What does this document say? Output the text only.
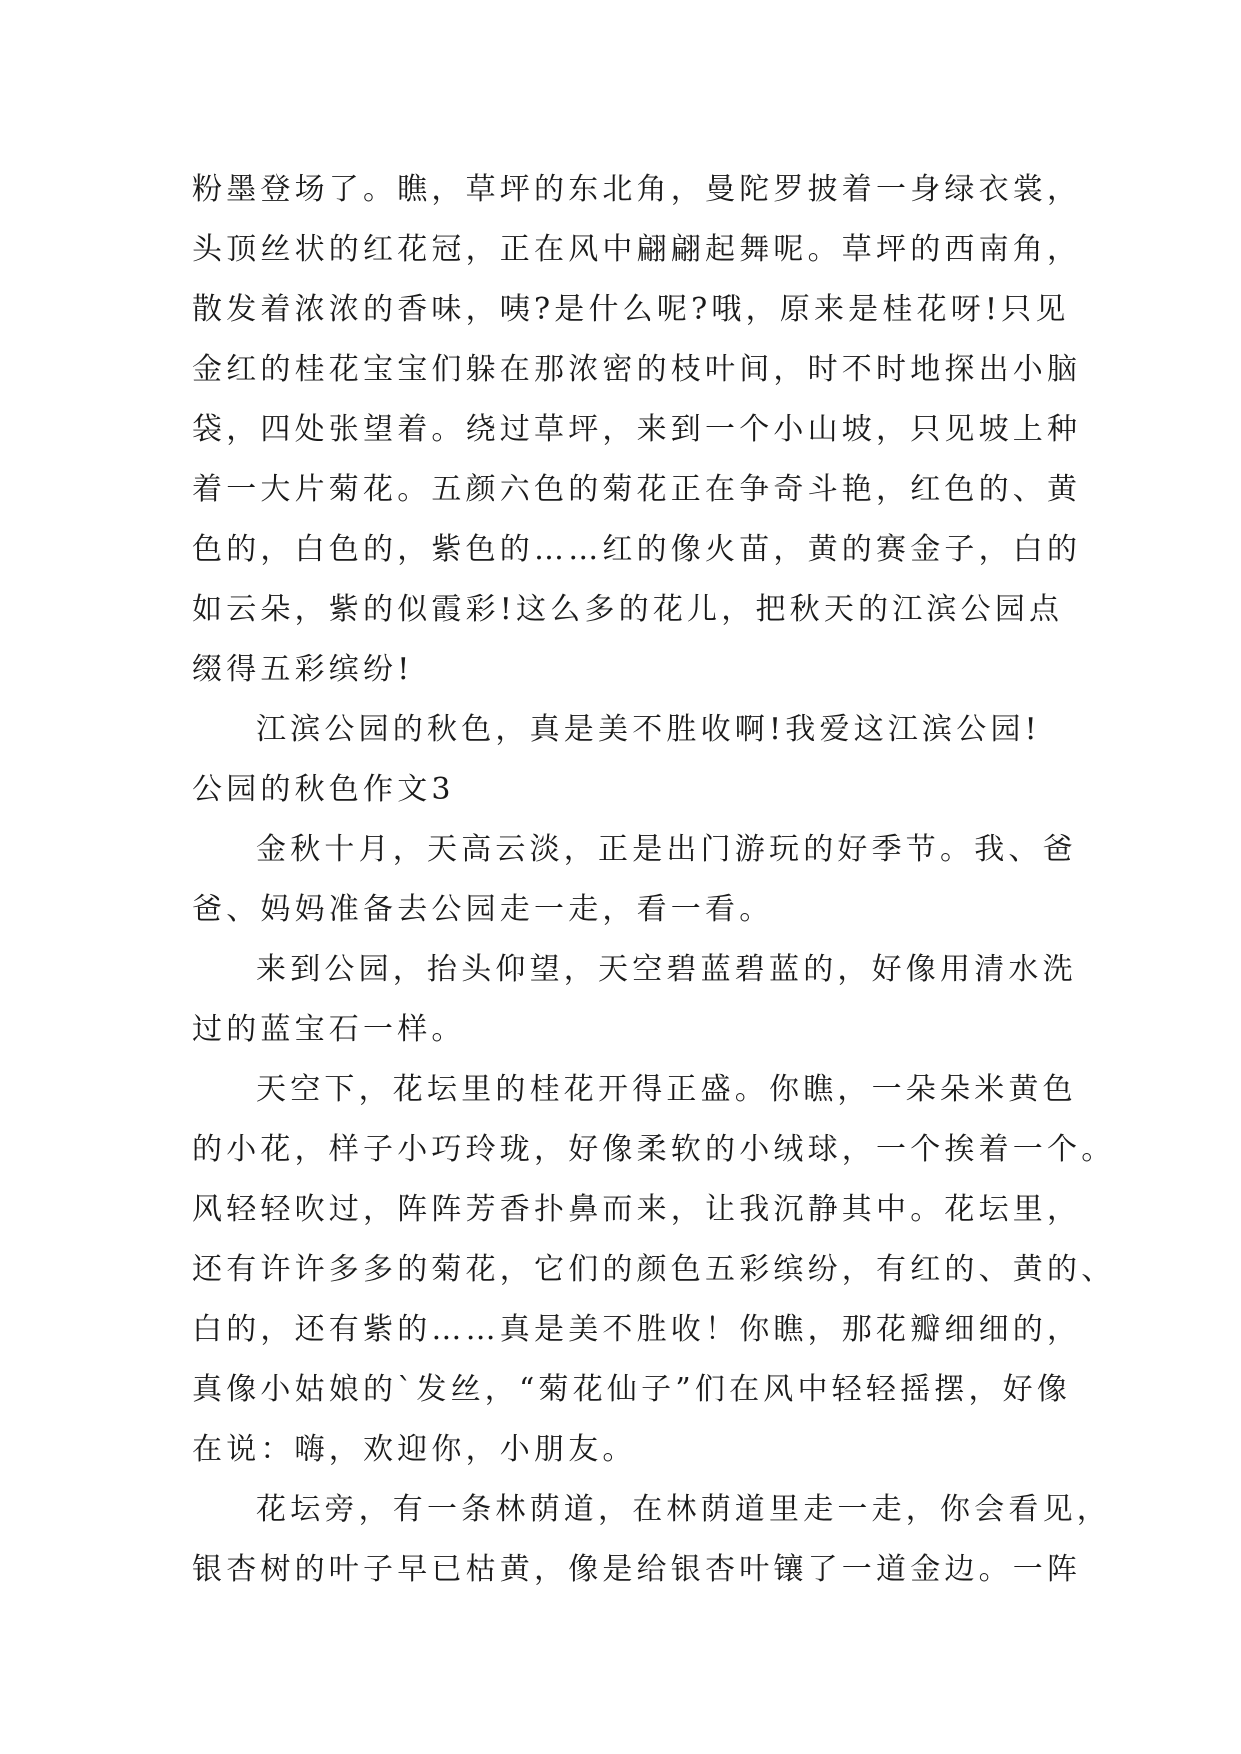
粉墨登场了。瞧，草坪的东北角，曼陀罗披着一身绿衣裳，
头顶丝状的红花冠，正在风中翩翩起舞呢。草坪的西南角，
散发着浓浓的香味，咦?是什么呢?哦，原来是桂花呀!只见
金红的桂花宝宝们躲在那浓密的枝叶间，时不时地探出小脑
袋，四处张望着。绕过草坪，来到一个小山坡，只见坡上种
着一大片菊花。五颜六色的菊花正在争奇斗艳，红色的、黄
色的，白色的，紫色的……红的像火苗，黄的赛金子，白的
如云朵，紫的似霞彩!这么多的花儿，把秋天的江滨公园点
缀得五彩缤纷!
江滨公园的秋色，真是美不胜收啊!我爱这江滨公园!
公园的秋色作文3
金秋十月，天高云淡，正是出门游玩的好季节。我、爸
爸、妈妈准备去公园走一走，看一看。
来到公园，抬头仰望，天空碧蓝碧蓝的，好像用清水洗
过的蓝宝石一样。
天空下，花坛里的桂花开得正盛。你瞧，一朵朵米黄色
的小花，样子小巧玲珑，好像柔软的小绒球，一个挨着一个。
风轻轻吹过，阵阵芳香扑鼻而来，让我沉静其中。花坛里，
还有许许多多的菊花，它们的颜色五彩缤纷，有红的、黄的、
白的，还有紫的……真是美不胜收！你瞧，那花瓣细细的，
真像小姑娘的`发丝，“菊花仙子”们在风中轻轻摇摆，好像
在说：嗨，欢迎你，小朋友。
花坛旁，有一条林荫道，在林荫道里走一走，你会看见，
银杏树的叶子早已枯黄，像是给银杏叶镶了一道金边。一阵
